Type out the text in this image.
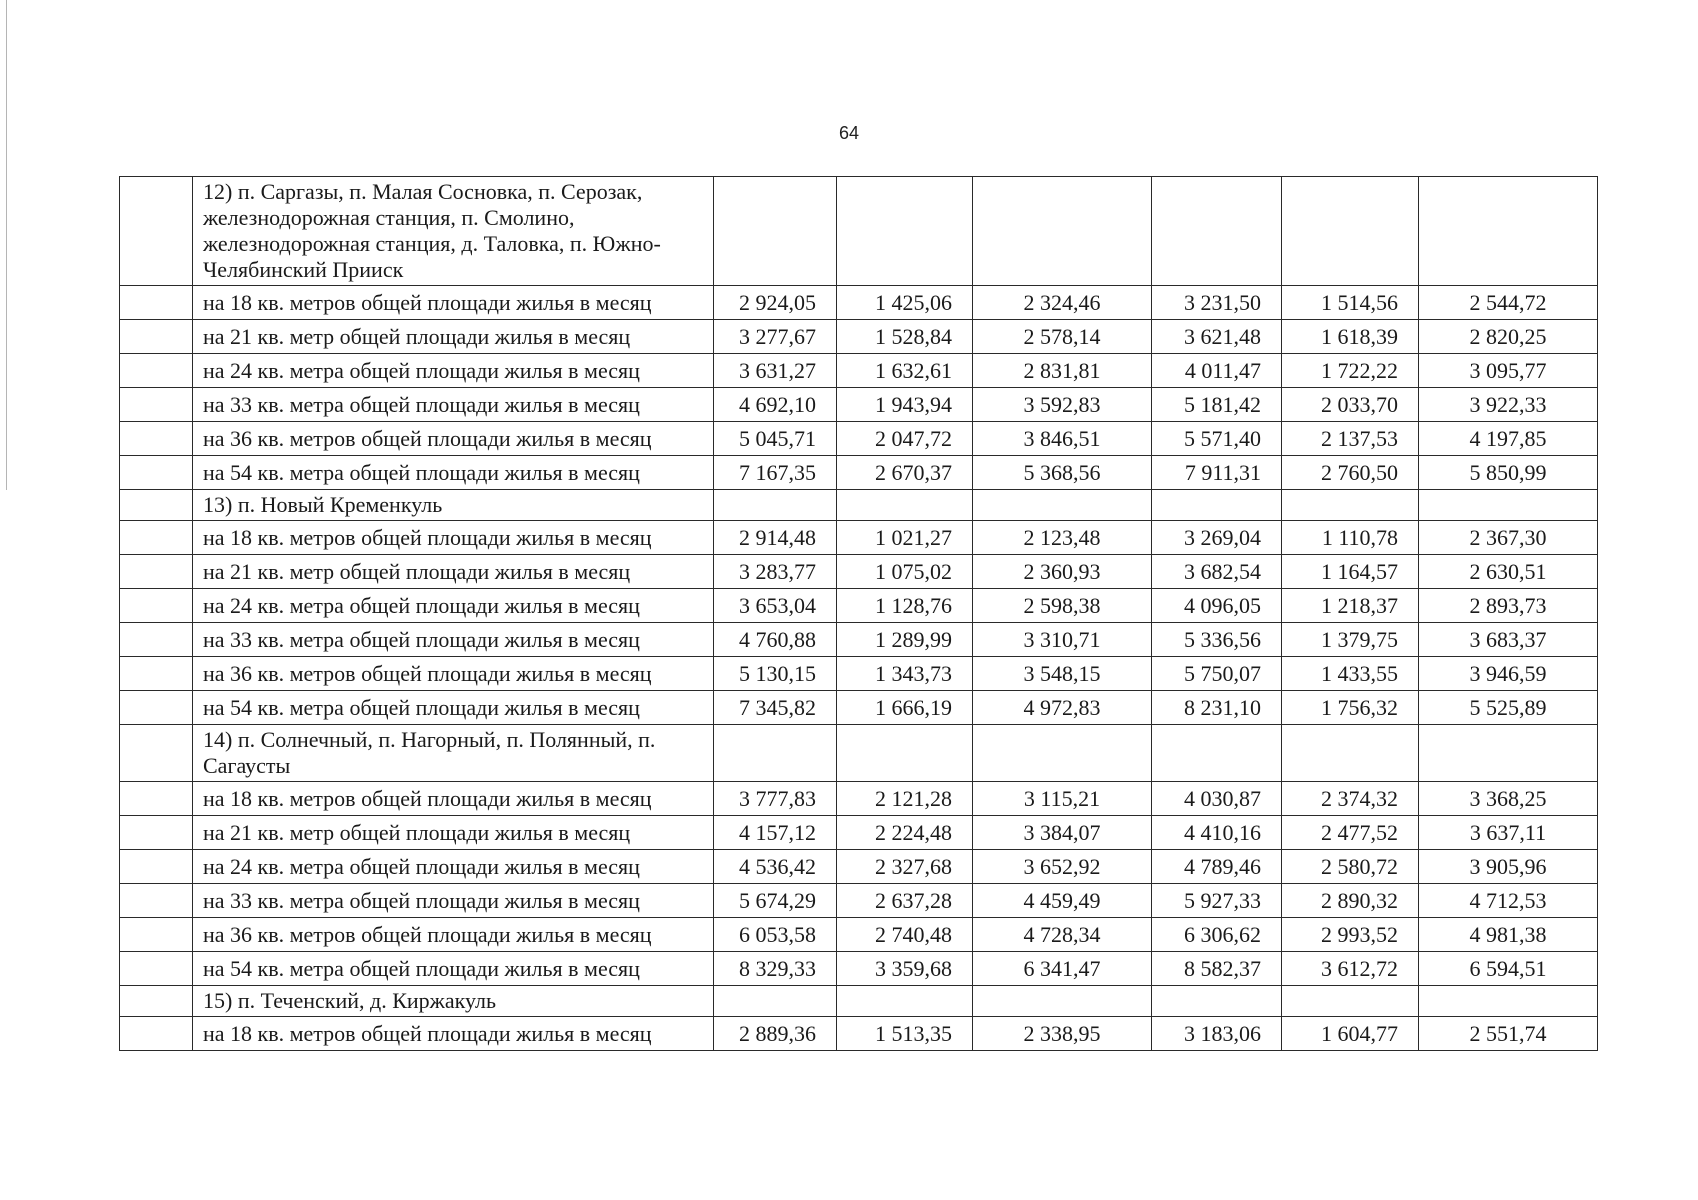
64
	12) п. Саргазы, п. Малая Сосновка, п. Серозак, железнодорожная станция, п. Смолино, железнодорожная станция, д. Таловка, п. Южно-Челябинский Прииск						
	на 18 кв. метров общей площади жилья в месяц	2 924,05	1 425,06	2 324,46	3 231,50	1 514,56	2 544,72
	на 21 кв. метр общей площади жилья в месяц	3 277,67	1 528,84	2 578,14	3 621,48	1 618,39	2 820,25
	на 24 кв. метра общей площади жилья в месяц	3 631,27	1 632,61	2 831,81	4 011,47	1 722,22	3 095,77
	на 33 кв. метра общей площади жилья в месяц	4 692,10	1 943,94	3 592,83	5 181,42	2 033,70	3 922,33
	на 36 кв. метров общей площади жилья в месяц	5 045,71	2 047,72	3 846,51	5 571,40	2 137,53	4 197,85
	на 54 кв. метра общей площади жилья в месяц	7 167,35	2 670,37	5 368,56	7 911,31	2 760,50	5 850,99
	13) п. Новый Кременкуль						
	на 18 кв. метров общей площади жилья в месяц	2 914,48	1 021,27	2 123,48	3 269,04	1 110,78	2 367,30
	на 21 кв. метр общей площади жилья в месяц	3 283,77	1 075,02	2 360,93	3 682,54	1 164,57	2 630,51
	на 24 кв. метра общей площади жилья в месяц	3 653,04	1 128,76	2 598,38	4 096,05	1 218,37	2 893,73
	на 33 кв. метра общей площади жилья в месяц	4 760,88	1 289,99	3 310,71	5 336,56	1 379,75	3 683,37
	на 36 кв. метров общей площади жилья в месяц	5 130,15	1 343,73	3 548,15	5 750,07	1 433,55	3 946,59
	на 54 кв. метра общей площади жилья в месяц	7 345,82	1 666,19	4 972,83	8 231,10	1 756,32	5 525,89
	14) п. Солнечный, п. Нагорный, п. Полянный, п. Сагаусты						
	на 18 кв. метров общей площади жилья в месяц	3 777,83	2 121,28	3 115,21	4 030,87	2 374,32	3 368,25
	на 21 кв. метр общей площади жилья в месяц	4 157,12	2 224,48	3 384,07	4 410,16	2 477,52	3 637,11
	на 24 кв. метра общей площади жилья в месяц	4 536,42	2 327,68	3 652,92	4 789,46	2 580,72	3 905,96
	на 33 кв. метра общей площади жилья в месяц	5 674,29	2 637,28	4 459,49	5 927,33	2 890,32	4 712,53
	на 36 кв. метров общей площади жилья в месяц	6 053,58	2 740,48	4 728,34	6 306,62	2 993,52	4 981,38
	на 54 кв. метра общей площади жилья в месяц	8 329,33	3 359,68	6 341,47	8 582,37	3 612,72	6 594,51
	15) п. Теченский, д. Киржакуль						
	на 18 кв. метров общей площади жилья в месяц	2 889,36	1 513,35	2 338,95	3 183,06	1 604,77	2 551,74
